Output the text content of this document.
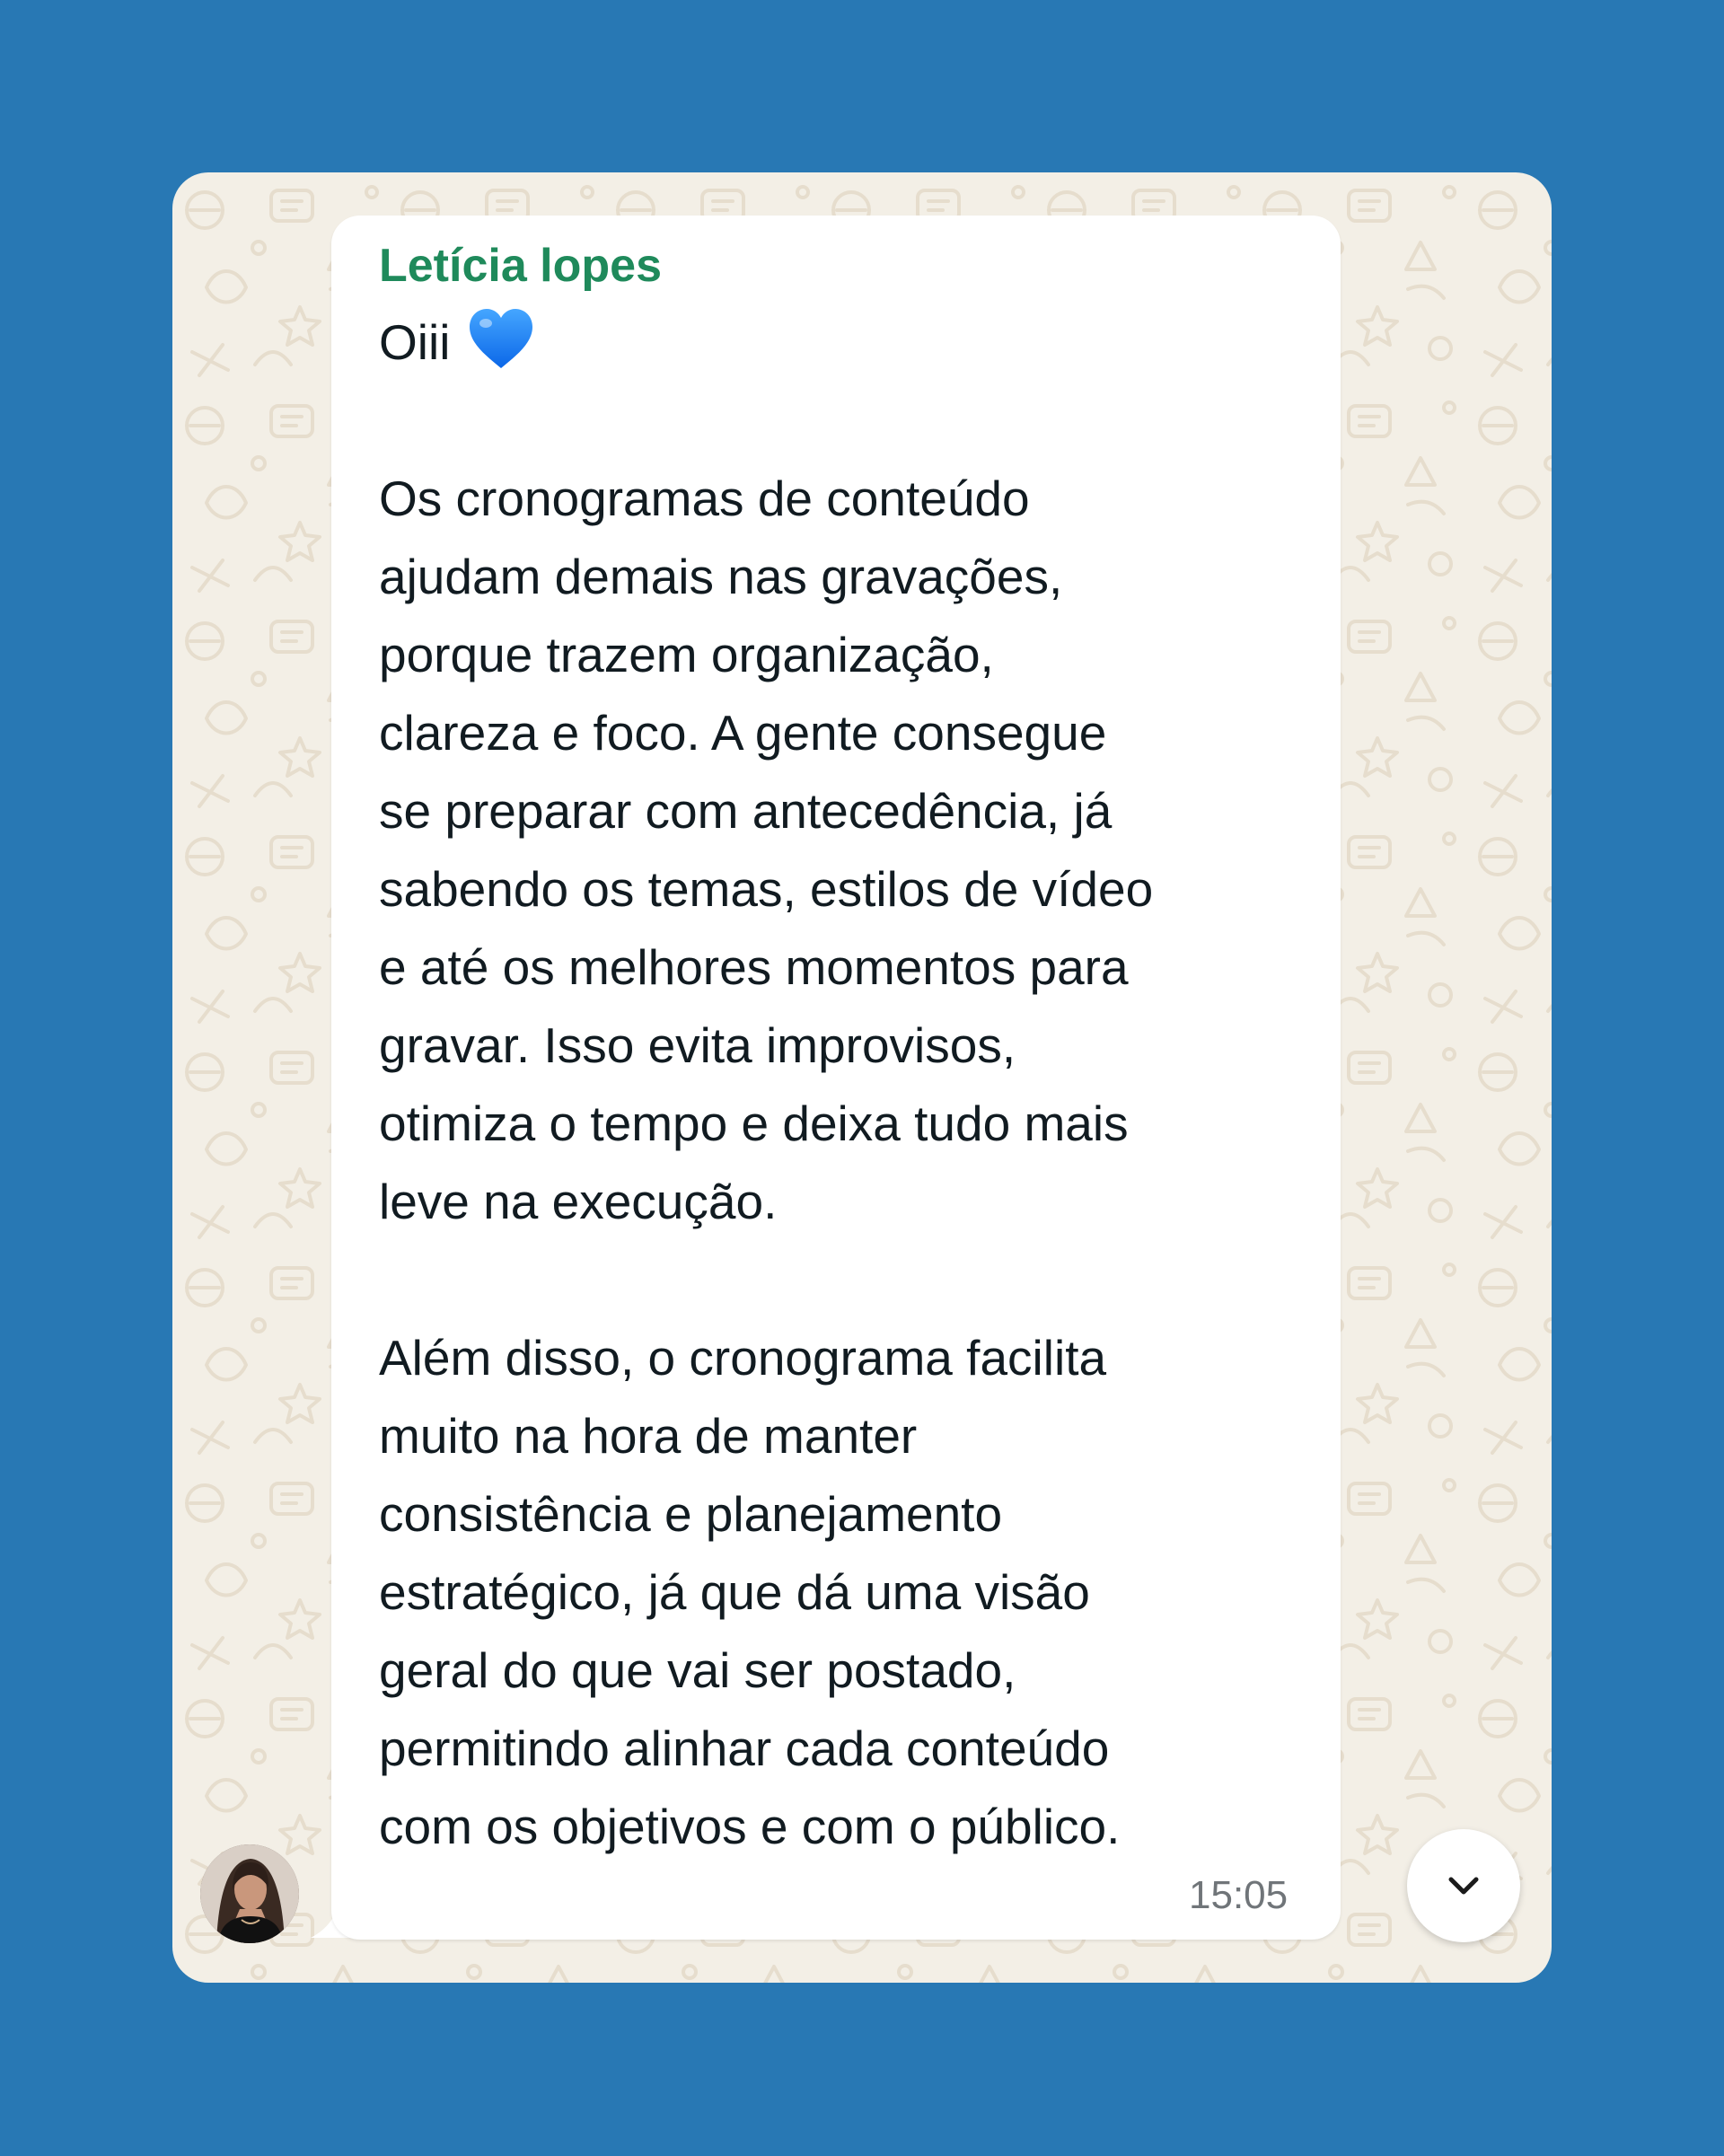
Letícia lopes
Oiii

Os cronogramas de conteúdo
ajudam demais nas gravações,
porque trazem organização,
clareza e foco. A gente consegue
se preparar com antecedência, já
sabendo os temas, estilos de vídeo
e até os melhores momentos para
gravar. Isso evita improvisos,
otimiza o tempo e deixa tudo mais
leve na execução.

Além disso, o cronograma facilita
muito na hora de manter
consistência e planejamento
estratégico, já que dá uma visão
geral do que vai ser postado,
permitindo alinhar cada conteúdo
com os objetivos e com o público.
15:05
